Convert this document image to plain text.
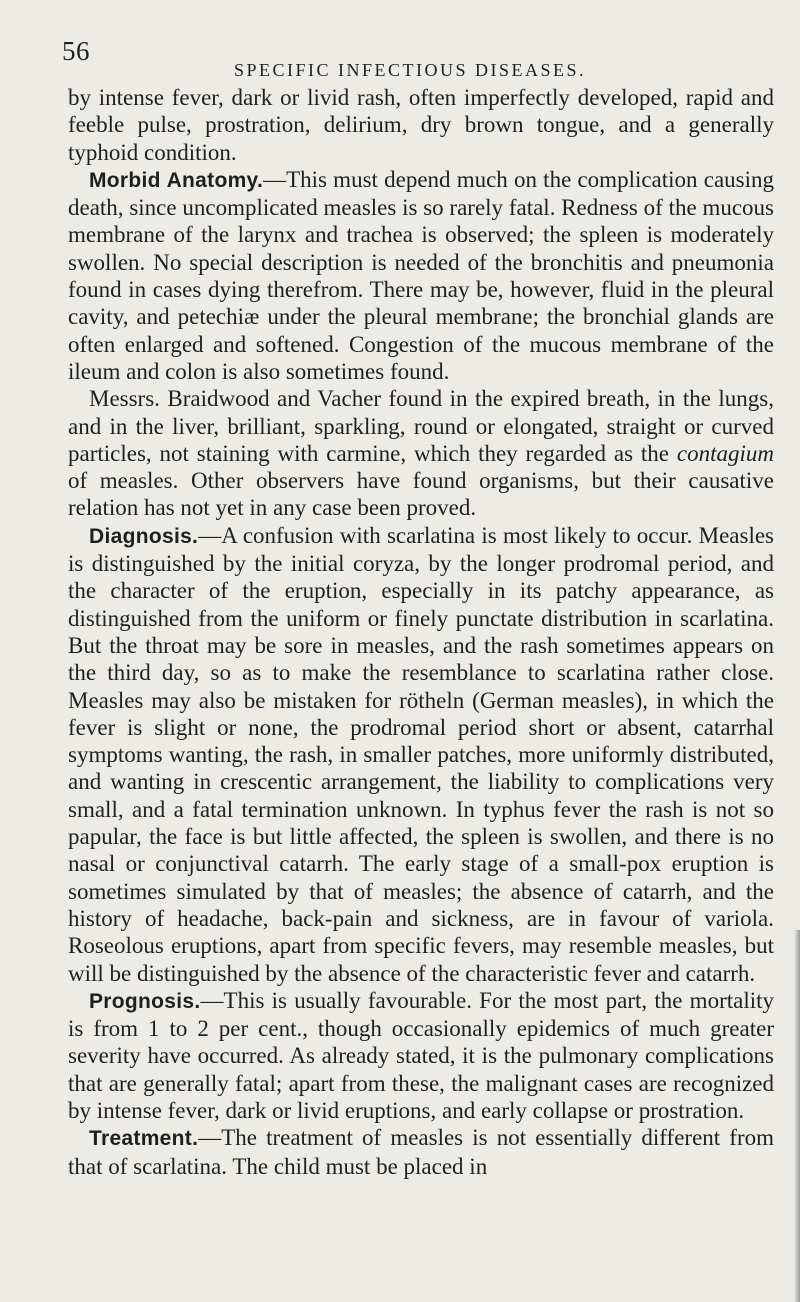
56
SPECIFIC INFECTIOUS DISEASES.

by intense fever, dark or livid rash, often imperfectly developed, rapid and feeble pulse, prostration, delirium, dry brown tongue, and a generally typhoid condition.

Morbid Anatomy.—This must depend much on the complication causing death, since uncomplicated measles is so rarely fatal. Redness of the mucous membrane of the larynx and trachea is observed; the spleen is moderately swollen. No special description is needed of the bronchitis and pneumonia found in cases dying therefrom. There may be, however, fluid in the pleural cavity, and petechiæ under the pleural membrane; the bronchial glands are often enlarged and softened. Congestion of the mucous membrane of the ileum and colon is also sometimes found.

Messrs. Braidwood and Vacher found in the expired breath, in the lungs, and in the liver, brilliant, sparkling, round or elongated, straight or curved particles, not staining with carmine, which they regarded as the contagium of measles. Other observers have found organisms, but their causative relation has not yet in any case been proved.

Diagnosis.—A confusion with scarlatina is most likely to occur. Measles is distinguished by the initial coryza, by the longer prodromal period, and the character of the eruption, especially in its patchy appearance, as distinguished from the uniform or finely punctate distribution in scarlatina. But the throat may be sore in measles, and the rash sometimes appears on the third day, so as to make the resemblance to scarlatina rather close. Measles may also be mistaken for rötheln (German measles), in which the fever is slight or none, the prodromal period short or absent, catarrhal symptoms wanting, the rash, in smaller patches, more uniformly distributed, and wanting in crescentic arrangement, the liability to complications very small, and a fatal termination unknown. In typhus fever the rash is not so papular, the face is but little affected, the spleen is swollen, and there is no nasal or conjunctival catarrh. The early stage of a small-pox eruption is sometimes simulated by that of measles; the absence of catarrh, and the history of headache, back-pain and sickness, are in favour of variola. Roseolous eruptions, apart from specific fevers, may resemble measles, but will be distinguished by the absence of the characteristic fever and catarrh.

Prognosis.—This is usually favourable. For the most part, the mortality is from 1 to 2 per cent., though occasionally epidemics of much greater severity have occurred. As already stated, it is the pulmonary complications that are generally fatal; apart from these, the malignant cases are recognized by intense fever, dark or livid eruptions, and early collapse or prostration.

Treatment.—The treatment of measles is not essentially different from that of scarlatina. The child must be placed in
